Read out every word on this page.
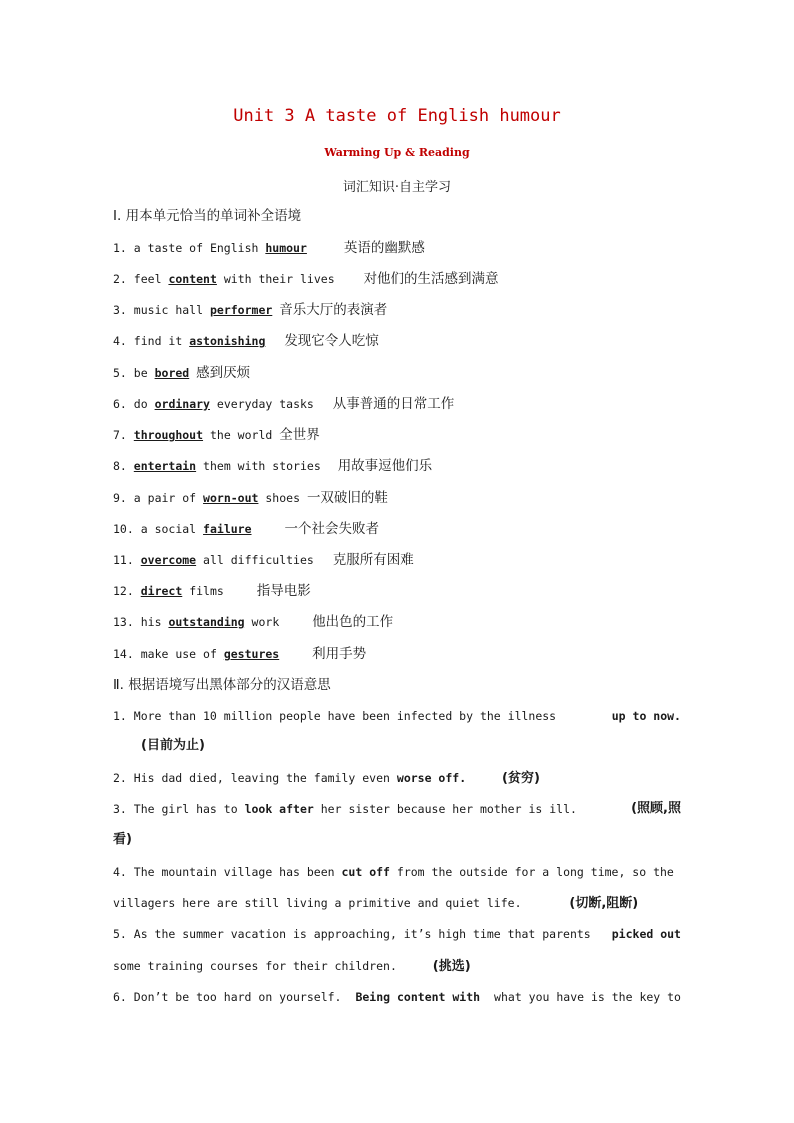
Unit 3 A taste of English humour
Warming Up & Reading
词汇知识·自主学习
Ⅰ. 用本单元恰当的单词补全语境
1. a taste of English humour	英语的幽默感
2. feel content with their lives 对他们的生活感到满意
3. music hall performer 音乐大厅的表演者
4. find it astonishing 发现它令人吃惊
5. be bored 感到厌烦
6. do ordinary everyday tasks 从事普通的日常工作
7. throughout the world 全世界
8. entertain them with stories 用故事逗他们乐
9. a pair of worn-out shoes 一双破旧的鞋
10. a social failure 一个社会失败者
11. overcome all difficulties 克服所有困难
12. direct films 指导电影
13. his outstanding work 他出色的工作
14. make use of gestures 利用手势
Ⅱ. 根据语境写出黑体部分的汉语意思
1. More than 10 million people have been infected by the illness	up to now.
(目前为止)
2. His dad died, leaving the family even worse off.	(贫穷)
3. The girl has to look after her sister because her mother is ill.	(照顾,照
看)
4. The mountain village has been cut off from the outside for a long time, so the
villagers here are still living a primitive and quiet life.	(切断,阻断)
5. As the summer vacation is approaching, it’s high time that parents picked out
some training courses for their children.	(挑选)
6. Don’t be too hard on yourself. Being content with what you have is the key to
